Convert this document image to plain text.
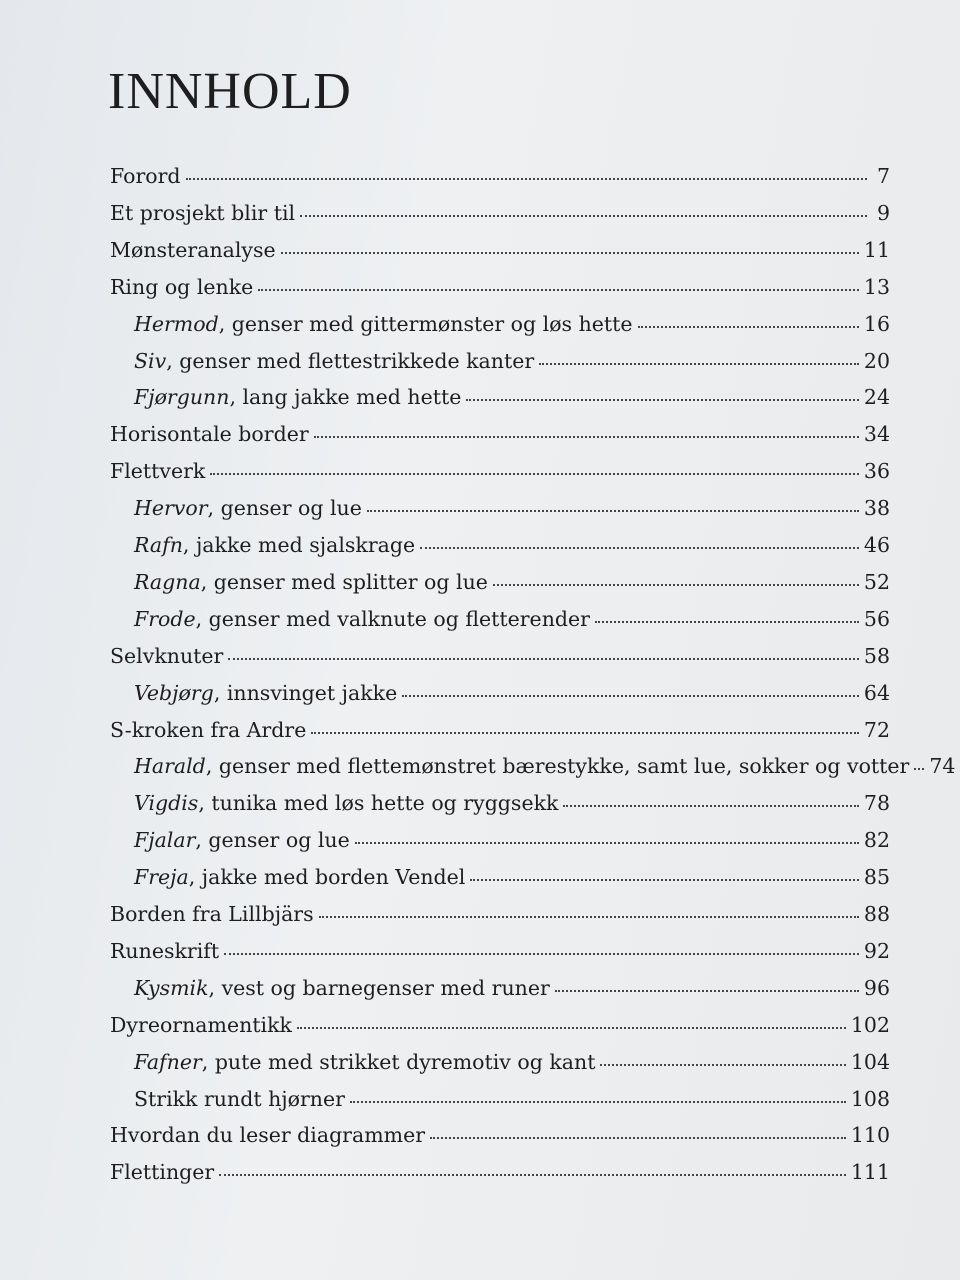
INNHOLD
Forord	7
Et prosjekt blir til	9
Mønsteranalyse	11
Ring og lenke	13
Hermod, genser med gittermønster og løs hette	16
Siv, genser med flettestrikkede kanter	20
Fjørgunn, lang jakke med hette	24
Horisontale border	34
Flettverk	36
Hervor, genser og lue	38
Rafn, jakke med sjalskrage	46
Ragna, genser med splitter og lue	52
Frode, genser med valknute og fletterender	56
Selvknuter	58
Vebjørg, innsvinget jakke	64
S-kroken fra Ardre	72
Harald, genser med flettemønstret bærestykke, samt lue, sokker og votter 74
Vigdis, tunika med løs hette og ryggsekk	78
Fjalar, genser og lue	82
Freja, jakke med borden Vendel	85
Borden fra Lillbjärs	88
Runeskrift	92
Kysmik, vest og barnegenser med runer	96
Dyreornamentikk	102
Fafner, pute med strikket dyremotiv og kant	104
Strikk rundt hjørner	108
Hvordan du leser diagrammer	110
Flettinger	111
